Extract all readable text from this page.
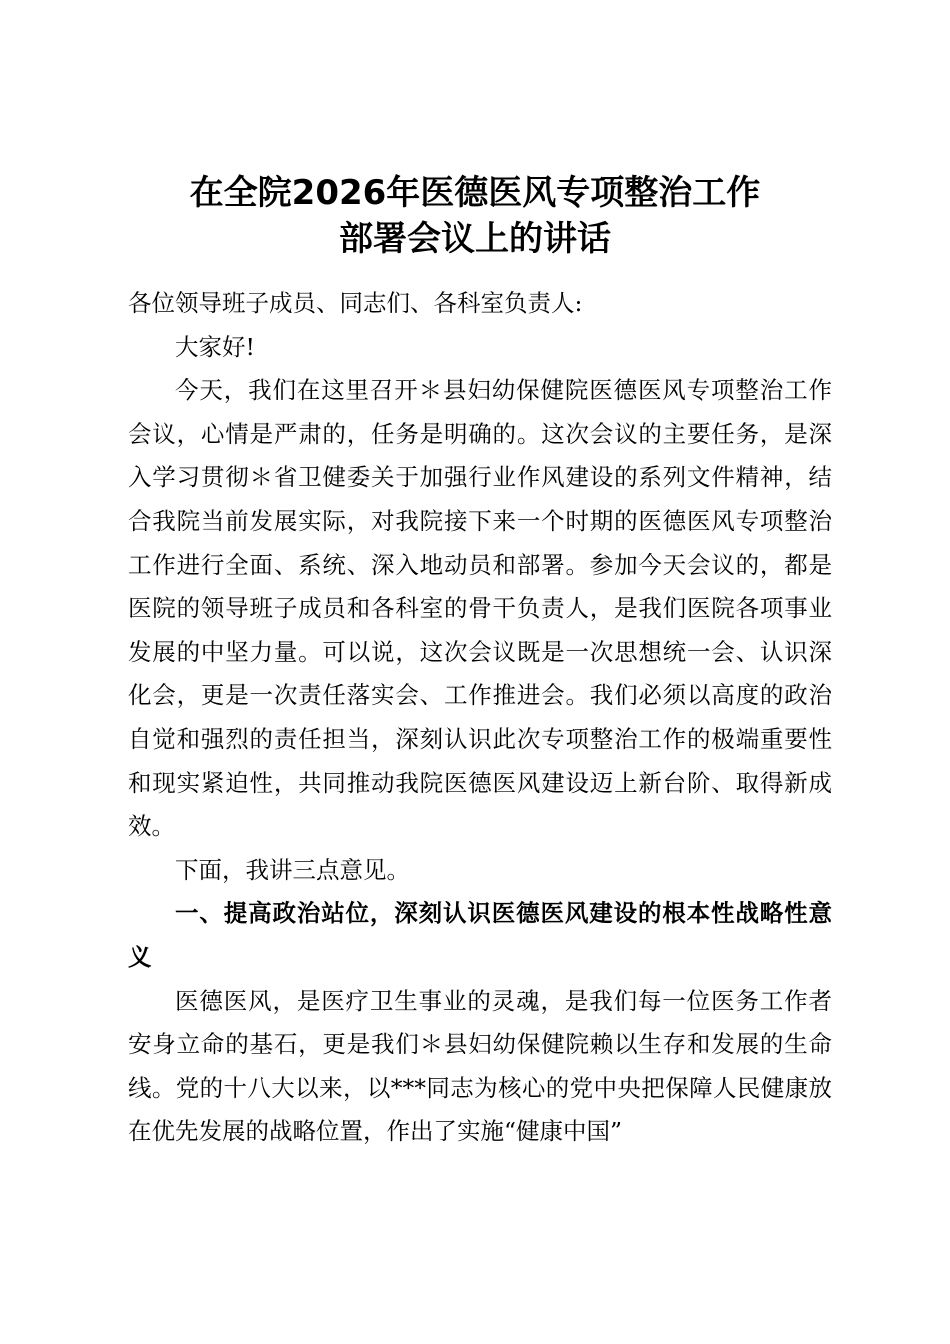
在全院2026年医德医风专项整治工作
部署会议上的讲话

各位领导班子成员、同志们、各科室负责人:

大家好!

今天，我们在这里召开＊县妇幼保健院医德医风专项整治工作会议，心情是严肃的，任务是明确的。这次会议的主要任务，是深入学习贯彻＊省卫健委关于加强行业作风建设的系列文件精神，结合我院当前发展实际，对我院接下来一个时期的医德医风专项整治工作进行全面、系统、深入地动员和部署。参加今天会议的，都是医院的领导班子成员和各科室的骨干负责人，是我们医院各项事业发展的中坚力量。可以说，这次会议既是一次思想统一会、认识深化会，更是一次责任落实会、工作推进会。我们必须以高度的政治自觉和强烈的责任担当，深刻认识此次专项整治工作的极端重要性和现实紧迫性，共同推动我院医德医风建设迈上新台阶、取得新成效。

下面，我讲三点意见。

一、提高政治站位，深刻认识医德医风建设的根本性战略性意义

医德医风，是医疗卫生事业的灵魂，是我们每一位医务工作者安身立命的基石，更是我们＊县妇幼保健院赖以生存和发展的生命线。党的十八大以来，以***同志为核心的党中央把保障人民健康放在优先发展的战略位置，作出了实施“健康中国”
